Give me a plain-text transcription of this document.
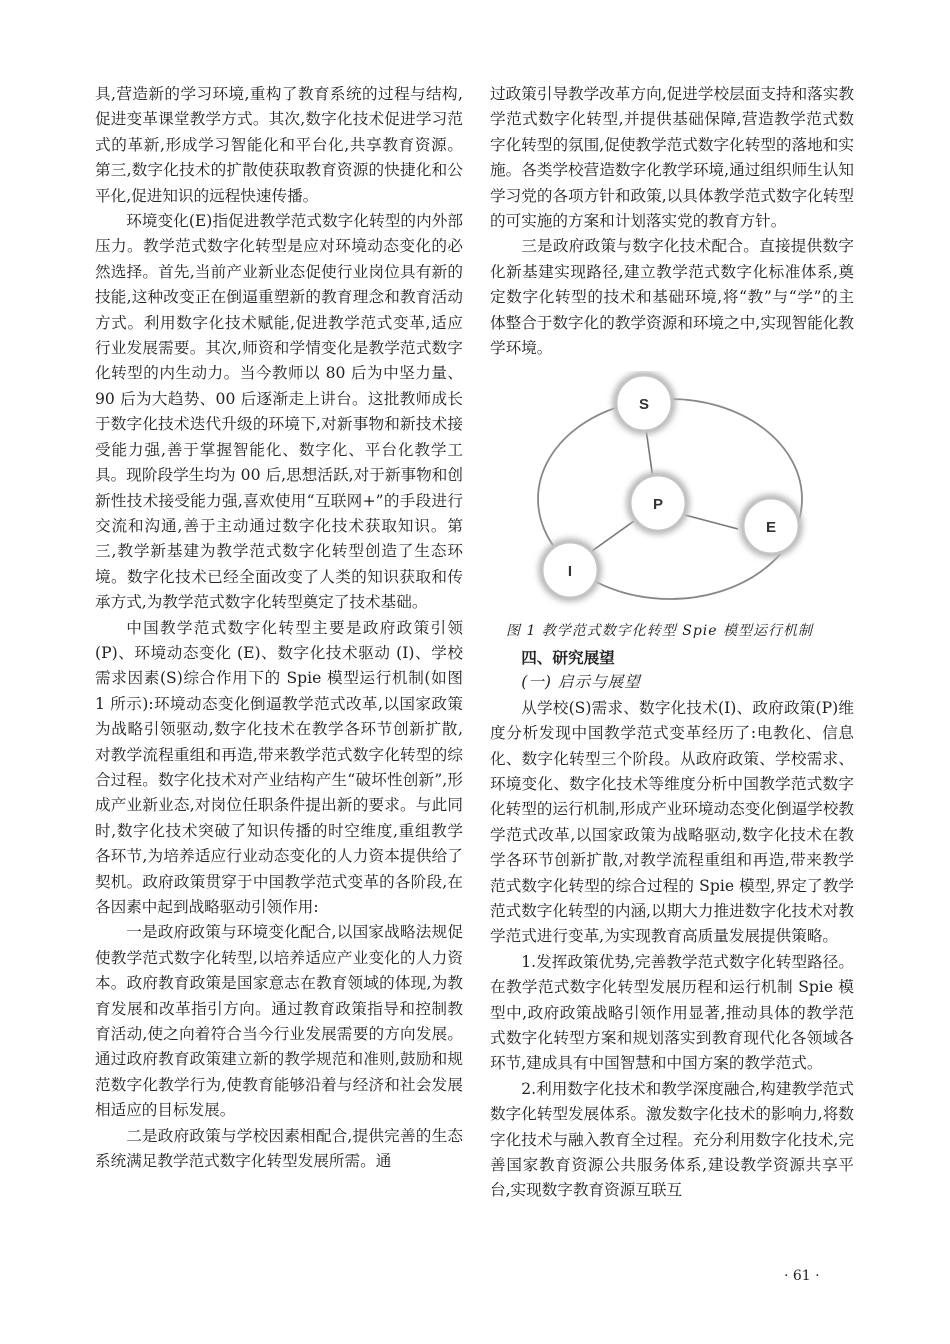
具,营造新的学习环境,重构了教育系统的过程与结构,促进变革课堂教学方式。其次,数字化技术促进学习范式的革新,形成学习智能化和平台化,共享教育资源。第三,数字化技术的扩散使获取教育资源的快捷化和公平化,促进知识的远程快速传播。

环境变化(E)指促进教学范式数字化转型的内外部压力。教学范式数字化转型是应对环境动态变化的必然选择。首先,当前产业新业态促使行业岗位具有新的技能,这种改变正在倒逼重塑新的教育理念和教育活动方式。利用数字化技术赋能,促进教学范式变革,适应行业发展需要。其次,师资和学情变化是教学范式数字化转型的内生动力。当今教师以 80 后为中坚力量、90 后为大趋势、00 后逐渐走上讲台。这批教师成长于数字化技术迭代升级的环境下,对新事物和新技术接受能力强,善于掌握智能化、数字化、平台化教学工具。现阶段学生均为 00 后,思想活跃,对于新事物和创新性技术接受能力强,喜欢使用“互联网+”的手段进行交流和沟通,善于主动通过数字化技术获取知识。第三,教学新基建为教学范式数字化转型创造了生态环境。数字化技术已经全面改变了人类的知识获取和传承方式,为教学范式数字化转型奠定了技术基础。

中国教学范式数字化转型主要是政府政策引领 (P)、环境动态变化 (E)、数字化技术驱动 (I)、学校需求因素(S)综合作用下的 Spie 模型运行机制(如图 1 所示):环境动态变化倒逼教学范式改革,以国家政策为战略引领驱动,数字化技术在教学各环节创新扩散,对教学流程重组和再造,带来教学范式数字化转型的综合过程。数字化技术对产业结构产生“破坏性创新”,形成产业新业态,对岗位任职条件提出新的要求。与此同时,数字化技术突破了知识传播的时空维度,重组教学各环节,为培养适应行业动态变化的人力资本提供给了契机。政府政策贯穿于中国教学范式变革的各阶段,在各因素中起到战略驱动引领作用:

一是政府政策与环境变化配合,以国家战略法规促使教学范式数字化转型,以培养适应产业变化的人力资本。政府教育政策是国家意志在教育领域的体现,为教育发展和改革指引方向。通过教育政策指导和控制教育活动,使之向着符合当今行业发展需要的方向发展。通过政府教育政策建立新的教学规范和准则,鼓励和规范数字化教学行为,使教育能够沿着与经济和社会发展相适应的目标发展。

二是政府政策与学校因素相配合,提供完善的生态系统满足教学范式数字化转型发展所需。通

过政策引导教学改革方向,促进学校层面支持和落实教学范式数字化转型,并提供基础保障,营造教学范式数字化转型的氛围,促使教学范式数字化转型的落地和实施。各类学校营造数字化教学环境,通过组织师生认知学习党的各项方针和政策,以具体教学范式数字化转型的可实施的方案和计划落实党的教育方针。

三是政府政策与数字化技术配合。直接提供数字化新基建实现路径,建立教学范式数字化标准体系,奠定数字化转型的技术和基础环境,将“教”与“学”的主体整合于数字化的教学资源和环境之中,实现智能化教学环境。

S
P
E
I

图 1 教学范式数字化转型 Spie 模型运行机制

四、研究展望

(一) 启示与展望

从学校(S)需求、数字化技术(I)、政府政策(P)维度分析发现中国教学范式变革经历了:电教化、信息化、数字化转型三个阶段。从政府政策、学校需求、环境变化、数字化技术等维度分析中国教学范式数字化转型的运行机制,形成产业环境动态变化倒逼学校教学范式改革,以国家政策为战略驱动,数字化技术在教学各环节创新扩散,对教学流程重组和再造,带来教学范式数字化转型的综合过程的 Spie 模型,界定了教学范式数字化转型的内涵,以期大力推进数字化技术对教学范式进行变革,为实现教育高质量发展提供策略。

1.发挥政策优势,完善教学范式数字化转型路径。在教学范式数字化转型发展历程和运行机制 Spie 模型中,政府政策战略引领作用显著,推动具体的教学范式数字化转型方案和规划落实到教育现代化各领域各环节,建成具有中国智慧和中国方案的教学范式。

2.利用数字化技术和教学深度融合,构建教学范式数字化转型发展体系。激发数字化技术的影响力,将数字化技术与融入教育全过程。充分利用数字化技术,完善国家教育资源公共服务体系,建设教学资源共享平台,实现数字教育资源互联互

· 61 ·
